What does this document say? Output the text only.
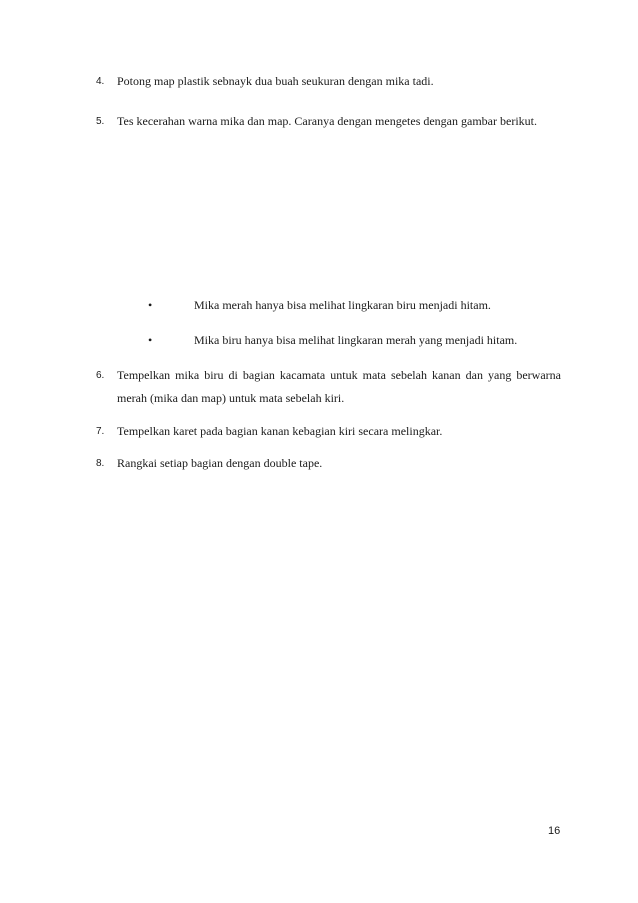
4. Potong map plastik sebnayk dua buah seukuran dengan mika tadi.
5. Tes kecerahan warna mika dan map. Caranya dengan mengetes dengan gambar berikut.
•	Mika merah hanya bisa melihat lingkaran biru menjadi hitam.
•	Mika biru hanya bisa melihat lingkaran merah yang menjadi hitam.
6. Tempelkan mika biru di bagian kacamata untuk mata sebelah kanan dan yang berwarna merah (mika dan map) untuk mata sebelah kiri.
7. Tempelkan karet pada bagian kanan kebagian kiri secara melingkar.
8. Rangkai setiap bagian dengan double tape.
16
